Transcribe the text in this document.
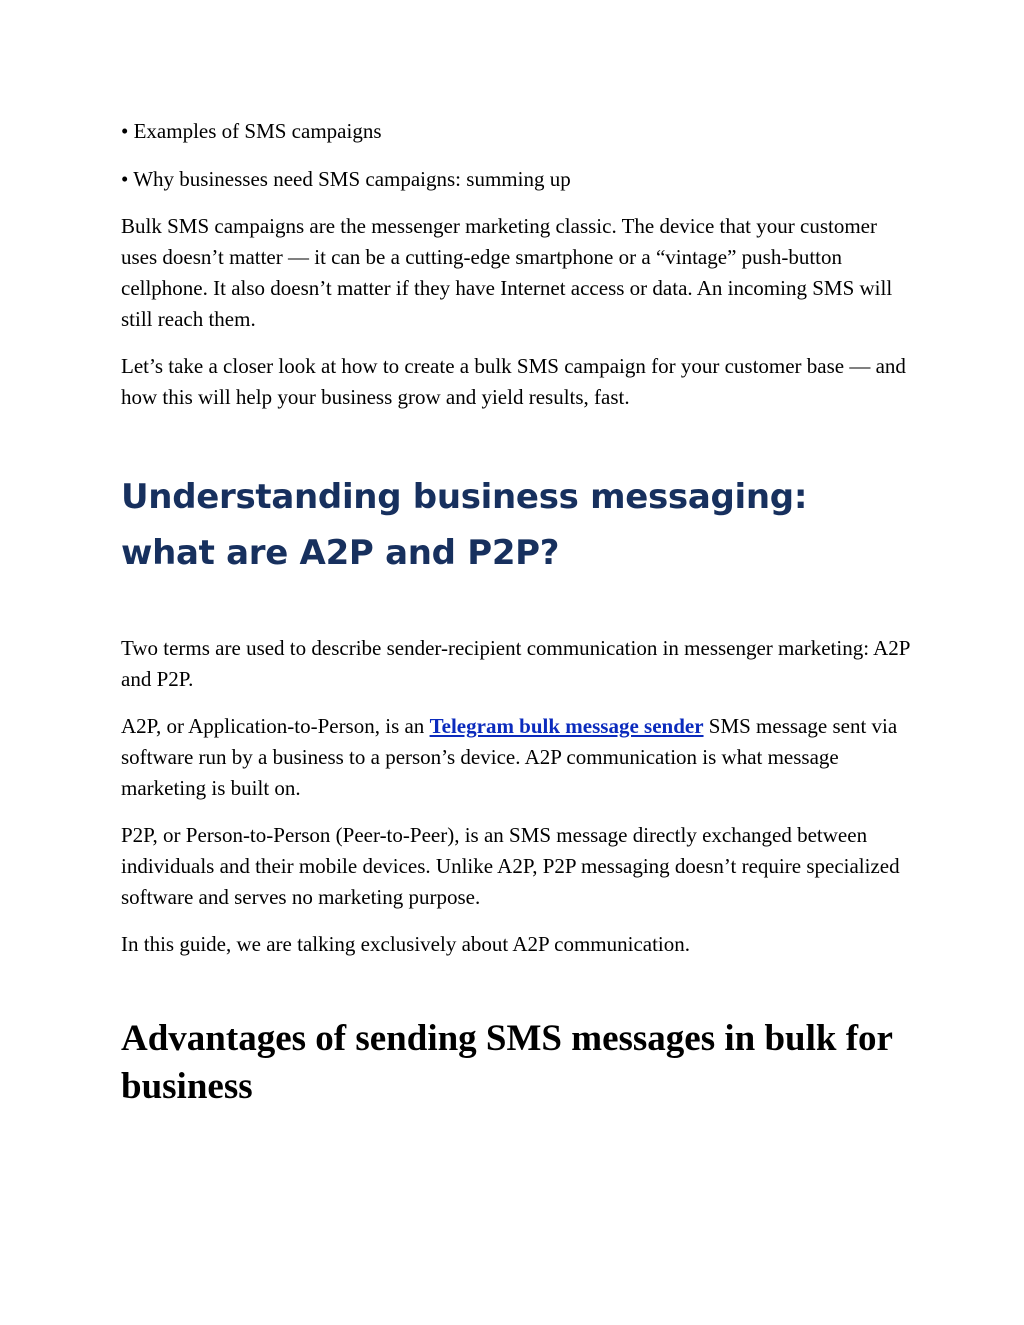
• Examples of SMS campaigns

• Why businesses need SMS campaigns: summing up

Bulk SMS campaigns are the messenger marketing classic. The device that your customer uses doesn’t matter — it can be a cutting-edge smartphone or a “vintage” push-button cellphone. It also doesn’t matter if they have Internet access or data. An incoming SMS will still reach them.

Let’s take a closer look at how to create a bulk SMS campaign for your customer base — and how this will help your business grow and yield results, fast.

Understanding business messaging: what are A2P and P2P?

Two terms are used to describe sender-recipient communication in messenger marketing: A2P and P2P.

A2P, or Application-to-Person, is an Telegram bulk message sender SMS message sent via software run by a business to a person’s device. A2P communication is what message marketing is built on.

P2P, or Person-to-Person (Peer-to-Peer), is an SMS message directly exchanged between individuals and their mobile devices. Unlike A2P, P2P messaging doesn’t require specialized software and serves no marketing purpose.

In this guide, we are talking exclusively about A2P communication.

Advantages of sending SMS messages in bulk for business
